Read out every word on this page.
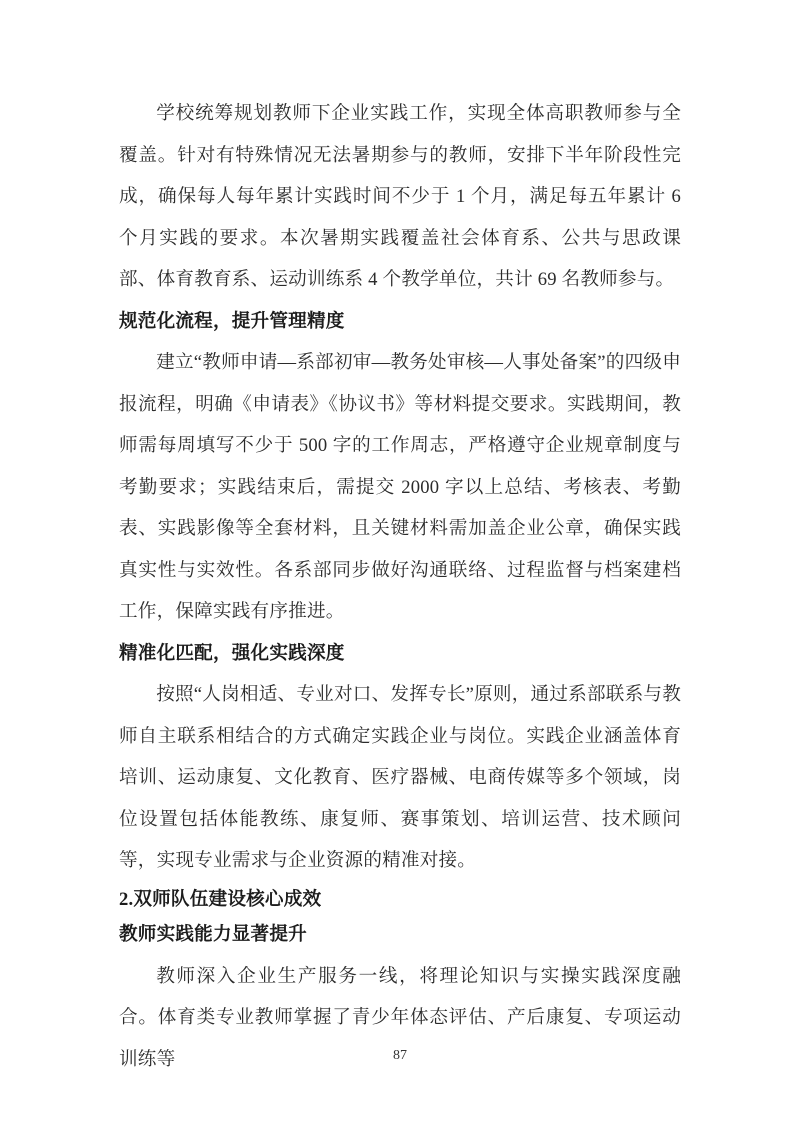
学校统筹规划教师下企业实践工作，实现全体高职教师参与全覆盖。针对有特殊情况无法暑期参与的教师，安排下半年阶段性完成，确保每人每年累计实践时间不少于 1 个月，满足每五年累计 6 个月实践的要求。本次暑期实践覆盖社会体育系、公共与思政课部、体育教育系、运动训练系 4 个教学单位，共计 69 名教师参与。

规范化流程，提升管理精度

建立“教师申请—系部初审—教务处审核—人事处备案”的四级申报流程，明确《申请表》《协议书》等材料提交要求。实践期间，教师需每周填写不少于 500 字的工作周志，严格遵守企业规章制度与考勤要求；实践结束后，需提交 2000 字以上总结、考核表、考勤表、实践影像等全套材料，且关键材料需加盖企业公章，确保实践真实性与实效性。各系部同步做好沟通联络、过程监督与档案建档工作，保障实践有序推进。

精准化匹配，强化实践深度

按照“人岗相适、专业对口、发挥专长”原则，通过系部联系与教师自主联系相结合的方式确定实践企业与岗位。实践企业涵盖体育培训、运动康复、文化教育、医疗器械、电商传媒等多个领域，岗位设置包括体能教练、康复师、赛事策划、培训运营、技术顾问等，实现专业需求与企业资源的精准对接。

2.双师队伍建设核心成效
教师实践能力显著提升

教师深入企业生产服务一线，将理论知识与实操实践深度融合。体育类专业教师掌握了青少年体态评估、产后康复、专项运动训练等	87
